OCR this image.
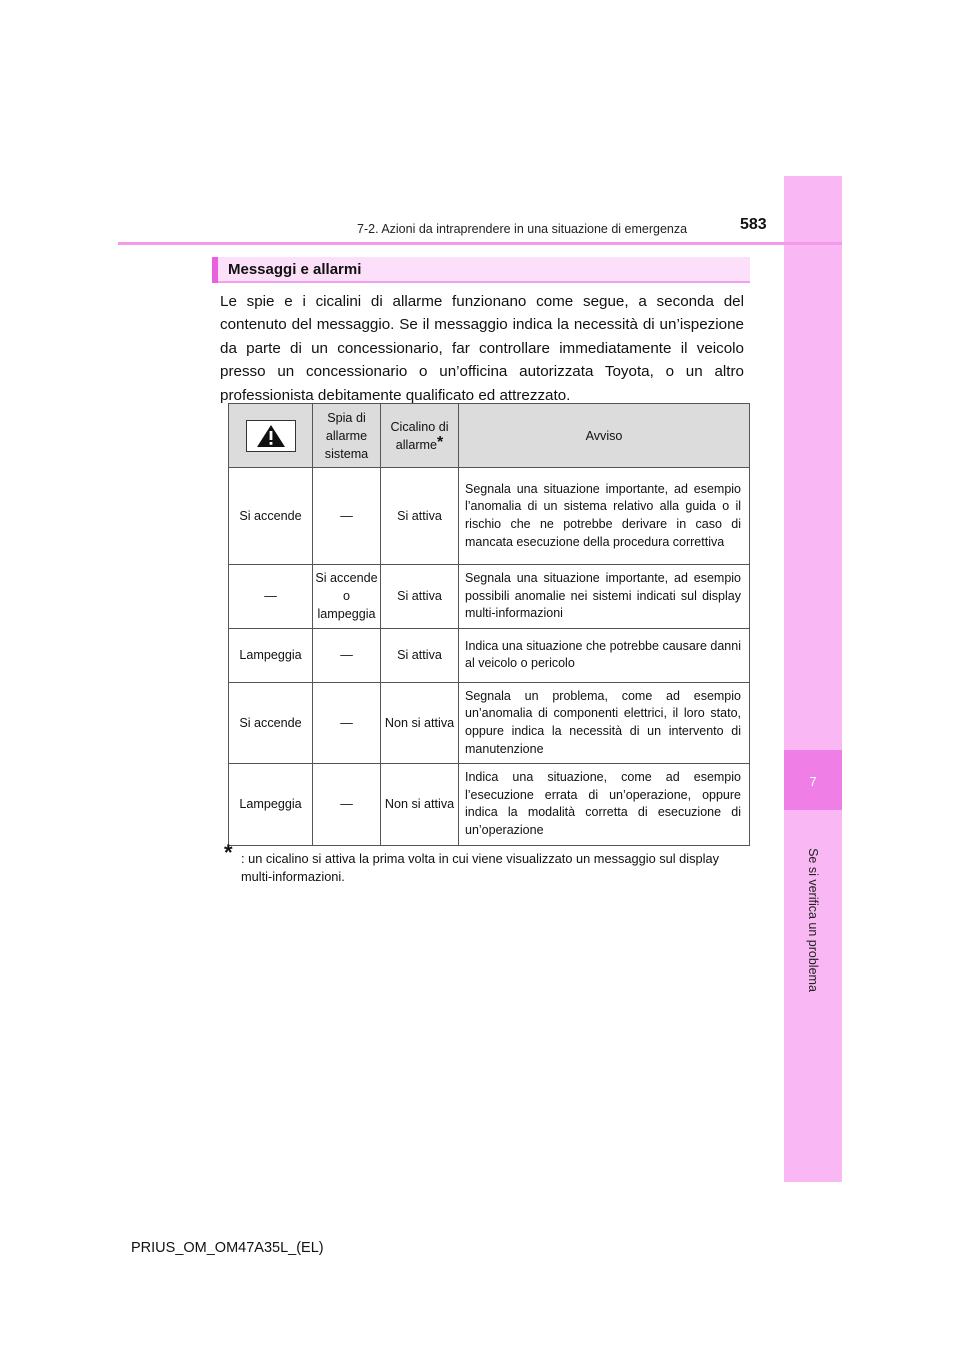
7
Se si verifica un problema
7-2. Azioni da intraprendere in una situazione di emergenza	583
Messaggi e allarmi

Le spie e i cicalini di allarme funzionano come segue, a seconda del contenuto del messaggio. Se il messaggio indica la necessità di un’ispezione da parte di un concessionario, far controllare immediatamente il veicolo presso un concessionario o un’officina autorizzata Toyota, o un altro professionista debitamente qualificato ed attrezzato.

	Spia di allarme sistema	Cicalino di allarme*	Avviso
Si accende	—	Si attiva	Segnala una situazione importante, ad esempio l’anomalia di un sistema relativo alla guida o il rischio che ne potrebbe derivare in caso di mancata esecuzione della procedura correttiva
—	Si accende o lampeggia	Si attiva	Segnala una situazione importante, ad esempio possibili anomalie nei sistemi indicati sul display multi-informazioni
Lampeggia	—	Si attiva	Indica una situazione che potrebbe causare danni al veicolo o pericolo
Si accende	—	Non si attiva	Segnala un problema, come ad esempio un’anomalia di componenti elettrici, il loro stato, oppure indica la necessità di un intervento di manutenzione
Lampeggia	—	Non si attiva	Indica una situazione, come ad esempio l’esecuzione errata di un’operazione, oppure indica la modalità corretta di esecuzione di un’operazione
* : un cicalino si attiva la prima volta in cui viene visualizzato un messaggio sul display multi-informazioni.
PRIUS_OM_OM47A35L_(EL)
